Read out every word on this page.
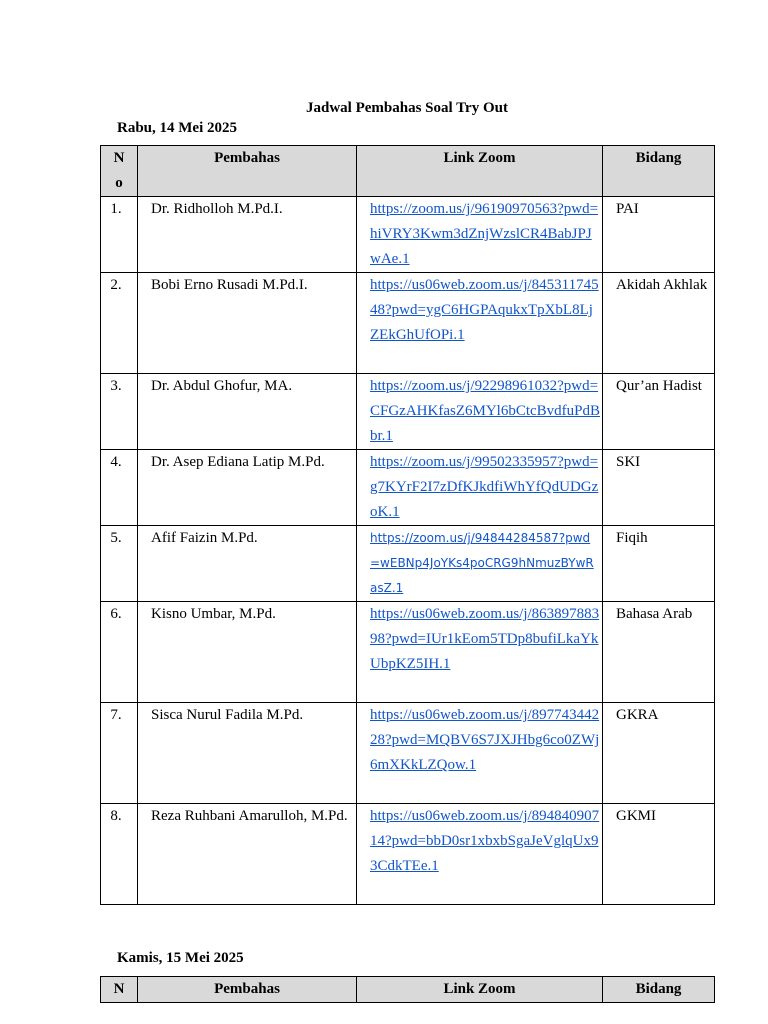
Jadwal Pembahas Soal Try Out
Rabu, 14 Mei 2025
No	Pembahas	Link Zoom	Bidang
1.	Dr. Ridholloh M.Pd.I.	https://zoom.us/j/96190970563?pwd=hiVRY3Kwm3dZnjWzslCR4BabJPJwAe.1	PAI
2.	Bobi Erno Rusadi M.Pd.I.	https://us06web.zoom.us/j/84531174548?pwd=ygC6HGPAqukxTpXbL8LjZEkGhUfOPi.1	Akidah Akhlak
3.	Dr. Abdul Ghofur, MA.	https://zoom.us/j/92298961032?pwd=CFGzAHKfasZ6MYl6bCtcBvdfuPdBbr.1	Qur’an Hadist
4.	Dr. Asep Ediana Latip M.Pd.	https://zoom.us/j/99502335957?pwd=g7KYrF2I7zDfKJkdfiWhYfQdUDGzoK.1	SKI
5.	Afif Faizin M.Pd.	https://zoom.us/j/94844284587?pwd=wEBNp4JoYKs4poCRG9hNmuzBYwRasZ.1	Fiqih
6.	Kisno Umbar, M.Pd.	https://us06web.zoom.us/j/86389788398?pwd=IUr1kEom5TDp8bufiLkaYkUbpKZ5IH.1	Bahasa Arab
7.	Sisca Nurul Fadila M.Pd.	https://us06web.zoom.us/j/89774344228?pwd=MQBV6S7JXJHbg6co0ZWj6mXKkLZQow.1	GKRA
8.	Reza Ruhbani Amarulloh, M.Pd.	https://us06web.zoom.us/j/89484090714?pwd=bbD0sr1xbxbSgaJeVglqUx93CdkTEe.1	GKMI
Kamis, 15 Mei 2025
N	Pembahas	Link Zoom	Bidang
